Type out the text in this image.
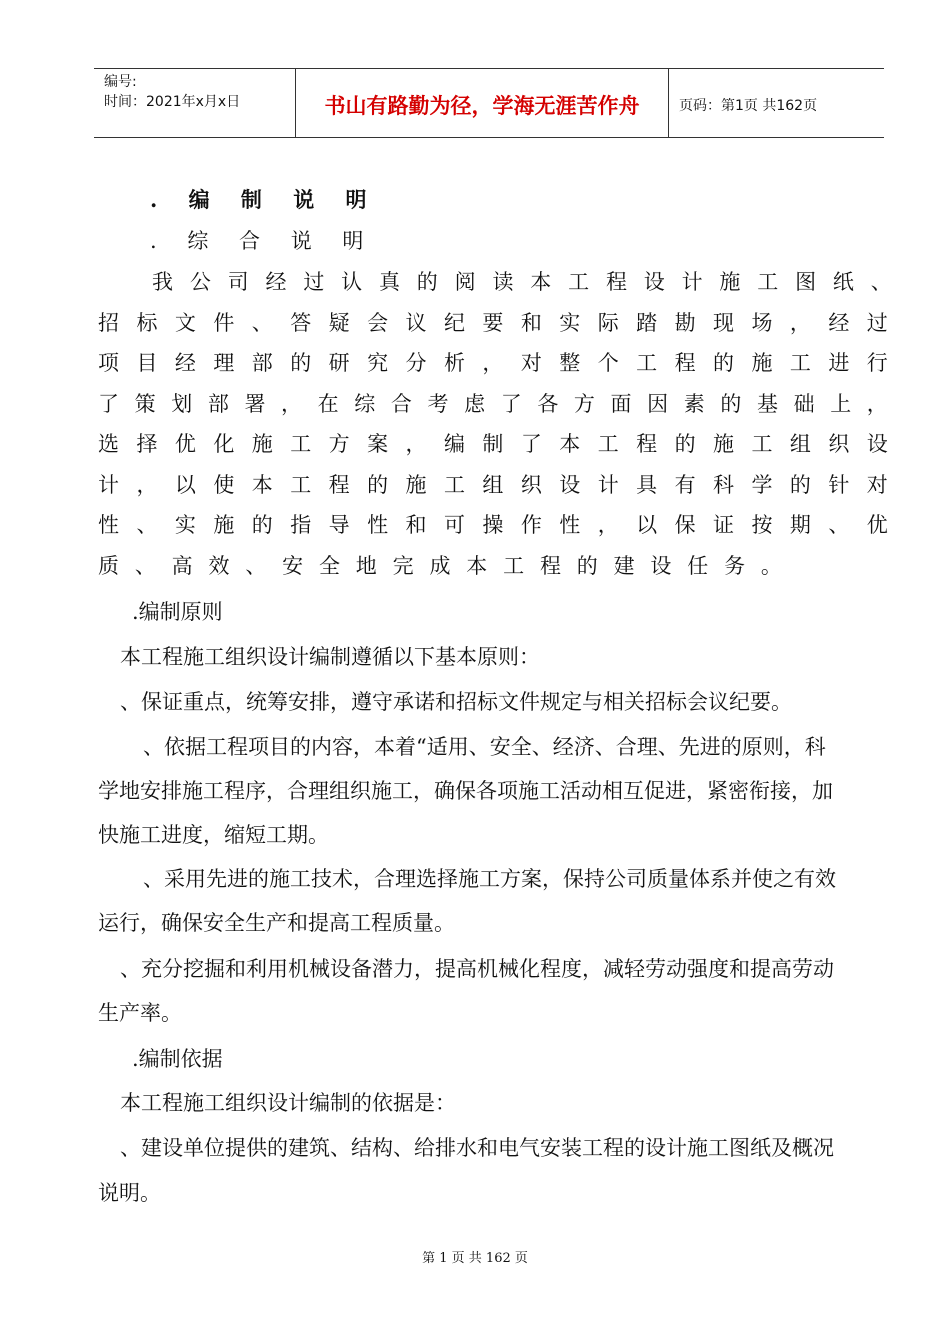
编号:
时间：2021年x月x日	书山有路勤为径，学海无涯苦作舟	页码：第1页 共162页
. 编 制 说 明
. 综 合 说 明
我 公 司 经 过 认 真 的 阅 读 本 工 程 设 计 施 工 图 纸 、
招 标 文 件 、 答 疑 会 议 纪 要 和 实 际 踏 勘 现 场 ， 经 过
项 目 经 理 部 的 研 究 分 析 ， 对 整 个 工 程 的 施 工 进 行
了 策 划 部 署 ， 在 综 合 考 虑 了 各 方 面 因 素 的 基 础 上 ，
选 择 优 化 施 工 方 案 ， 编 制 了 本 工 程 的 施 工 组 织 设
计 ， 以 使 本 工 程 的 施 工 组 织 设 计 具 有 科 学 的 针 对
性 、 实 施 的 指 导 性 和 可 操 作 性 ， 以 保 证 按 期 、 优
质 、 高 效 、 安 全 地 完 成 本 工 程 的 建 设 任 务 。
.编制原则
本工程施工组织设计编制遵循以下基本原则：
、保证重点，统筹安排，遵守承诺和招标文件规定与相关招标会议纪要。
、依据工程项目的内容，本着“适用、安全、经济、合理、先进的原则，科
学地安排施工程序，合理组织施工，确保各项施工活动相互促进，紧密衔接，加
快施工进度，缩短工期。
、采用先进的施工技术，合理选择施工方案，保持公司质量体系并使之有效
运行，确保安全生产和提高工程质量。
、充分挖掘和利用机械设备潜力，提高机械化程度，减轻劳动强度和提高劳动
生产率。
.编制依据
本工程施工组织设计编制的依据是：
、建设单位提供的建筑、结构、给排水和电气安装工程的设计施工图纸及概况
说明。
第 1 页 共 162 页
